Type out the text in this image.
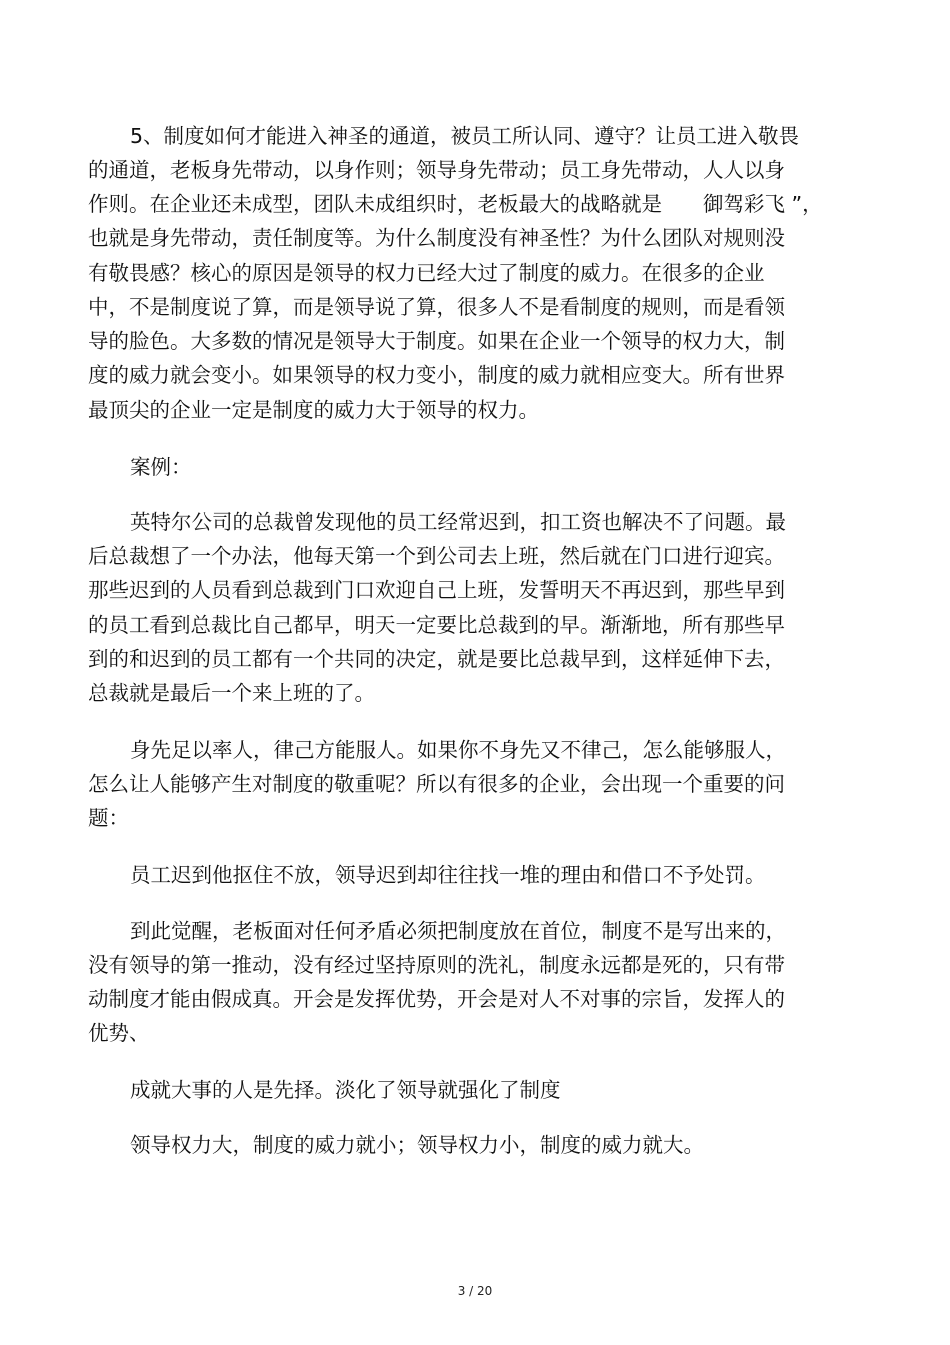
5、制度如何才能进入神圣的通道，被员工所认同、遵守？让员工进入敬畏
的通道，老板身先带动，以身作则；领导身先带动；员工身先带动，人人以身
作则。在企业还未成型，团队未成组织时，老板最大的战略就是　　御驾彩飞 ”，
也就是身先带动，责任制度等。为什么制度没有神圣性？为什么团队对规则没
有敬畏感？核心的原因是领导的权力已经大过了制度的威力。在很多的企业
中，不是制度说了算，而是领导说了算，很多人不是看制度的规则，而是看领
导的脸色。大多数的情况是领导大于制度。如果在企业一个领导的权力大，制
度的威力就会变小。如果领导的权力变小，制度的威力就相应变大。所有世界
最顶尖的企业一定是制度的威力大于领导的权力。
案例：
英特尔公司的总裁曾发现他的员工经常迟到，扣工资也解决不了问题。最
后总裁想了一个办法，他每天第一个到公司去上班，然后就在门口进行迎宾。
那些迟到的人员看到总裁到门口欢迎自己上班，发誓明天不再迟到，那些早到
的员工看到总裁比自己都早，明天一定要比总裁到的早。渐渐地，所有那些早
到的和迟到的员工都有一个共同的决定，就是要比总裁早到，这样延伸下去，
总裁就是最后一个来上班的了。
身先足以率人，律己方能服人。如果你不身先又不律己，怎么能够服人，
怎么让人能够产生对制度的敬重呢？所以有很多的企业，会出现一个重要的问
题：
员工迟到他抠住不放，领导迟到却往往找一堆的理由和借口不予处罚。
到此觉醒，老板面对任何矛盾必须把制度放在首位，制度不是写出来的，
没有领导的第一推动，没有经过坚持原则的洗礼，制度永远都是死的，只有带
动制度才能由假成真。开会是发挥优势，开会是对人不对事的宗旨，发挥人的
优势、
成就大事的人是先择。淡化了领导就强化了制度
领导权力大，制度的威力就小；领导权力小，制度的威力就大。
3 / 20
